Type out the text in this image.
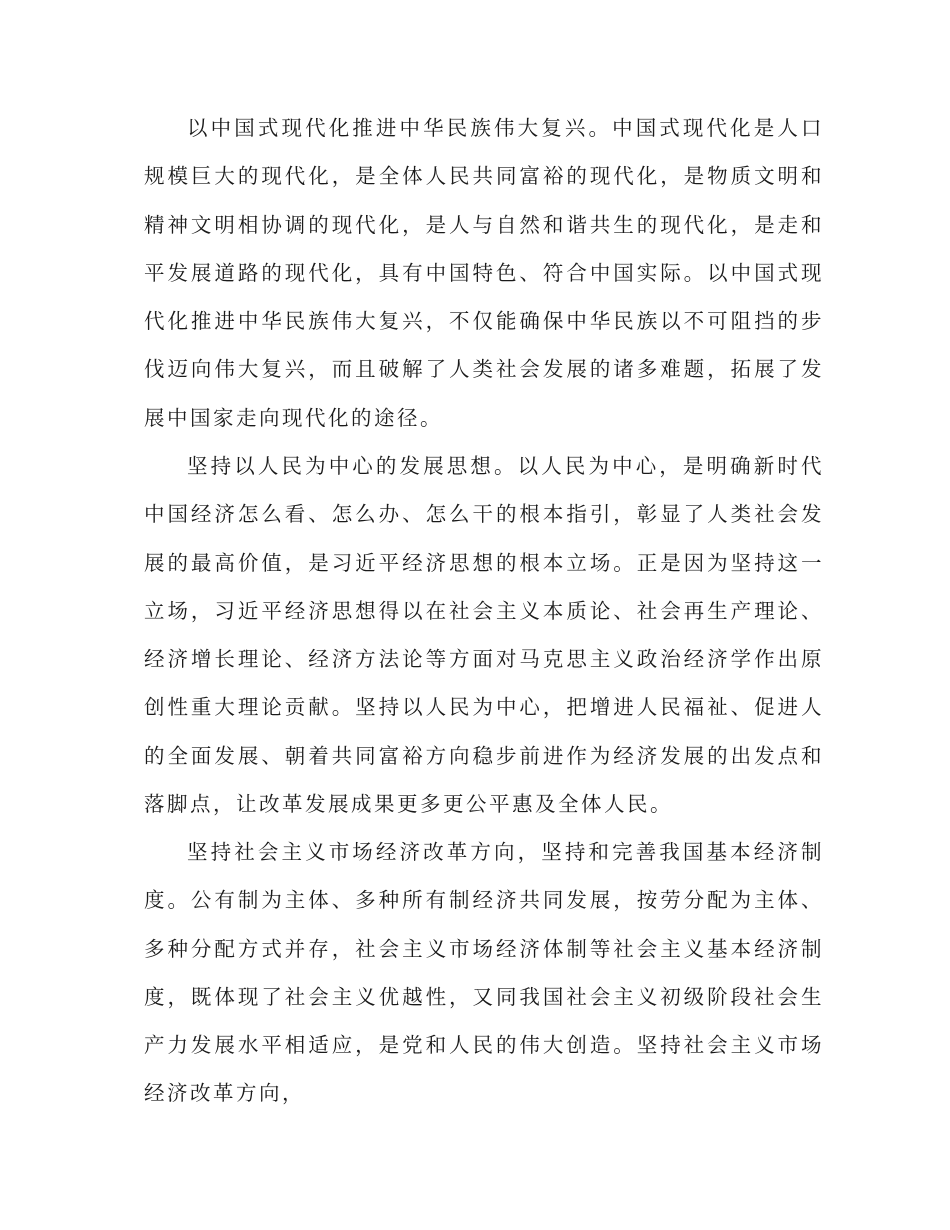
以中国式现代化推进中华民族伟大复兴。中国式现代化是人口规模巨大的现代化，是全体人民共同富裕的现代化，是物质文明和精神文明相协调的现代化，是人与自然和谐共生的现代化，是走和平发展道路的现代化，具有中国特色、符合中国实际。以中国式现代化推进中华民族伟大复兴，不仅能确保中华民族以不可阻挡的步伐迈向伟大复兴，而且破解了人类社会发展的诸多难题，拓展了发展中国家走向现代化的途径。

坚持以人民为中心的发展思想。以人民为中心，是明确新时代中国经济怎么看、怎么办、怎么干的根本指引，彰显了人类社会发展的最高价值，是习近平经济思想的根本立场。正是因为坚持这一立场，习近平经济思想得以在社会主义本质论、社会再生产理论、经济增长理论、经济方法论等方面对马克思主义政治经济学作出原创性重大理论贡献。坚持以人民为中心，把增进人民福祉、促进人的全面发展、朝着共同富裕方向稳步前进作为经济发展的出发点和落脚点，让改革发展成果更多更公平惠及全体人民。

坚持社会主义市场经济改革方向，坚持和完善我国基本经济制度。公有制为主体、多种所有制经济共同发展，按劳分配为主体、多种分配方式并存，社会主义市场经济体制等社会主义基本经济制度，既体现了社会主义优越性，又同我国社会主义初级阶段社会生产力发展水平相适应，是党和人民的伟大创造。坚持社会主义市场经济改革方向，
